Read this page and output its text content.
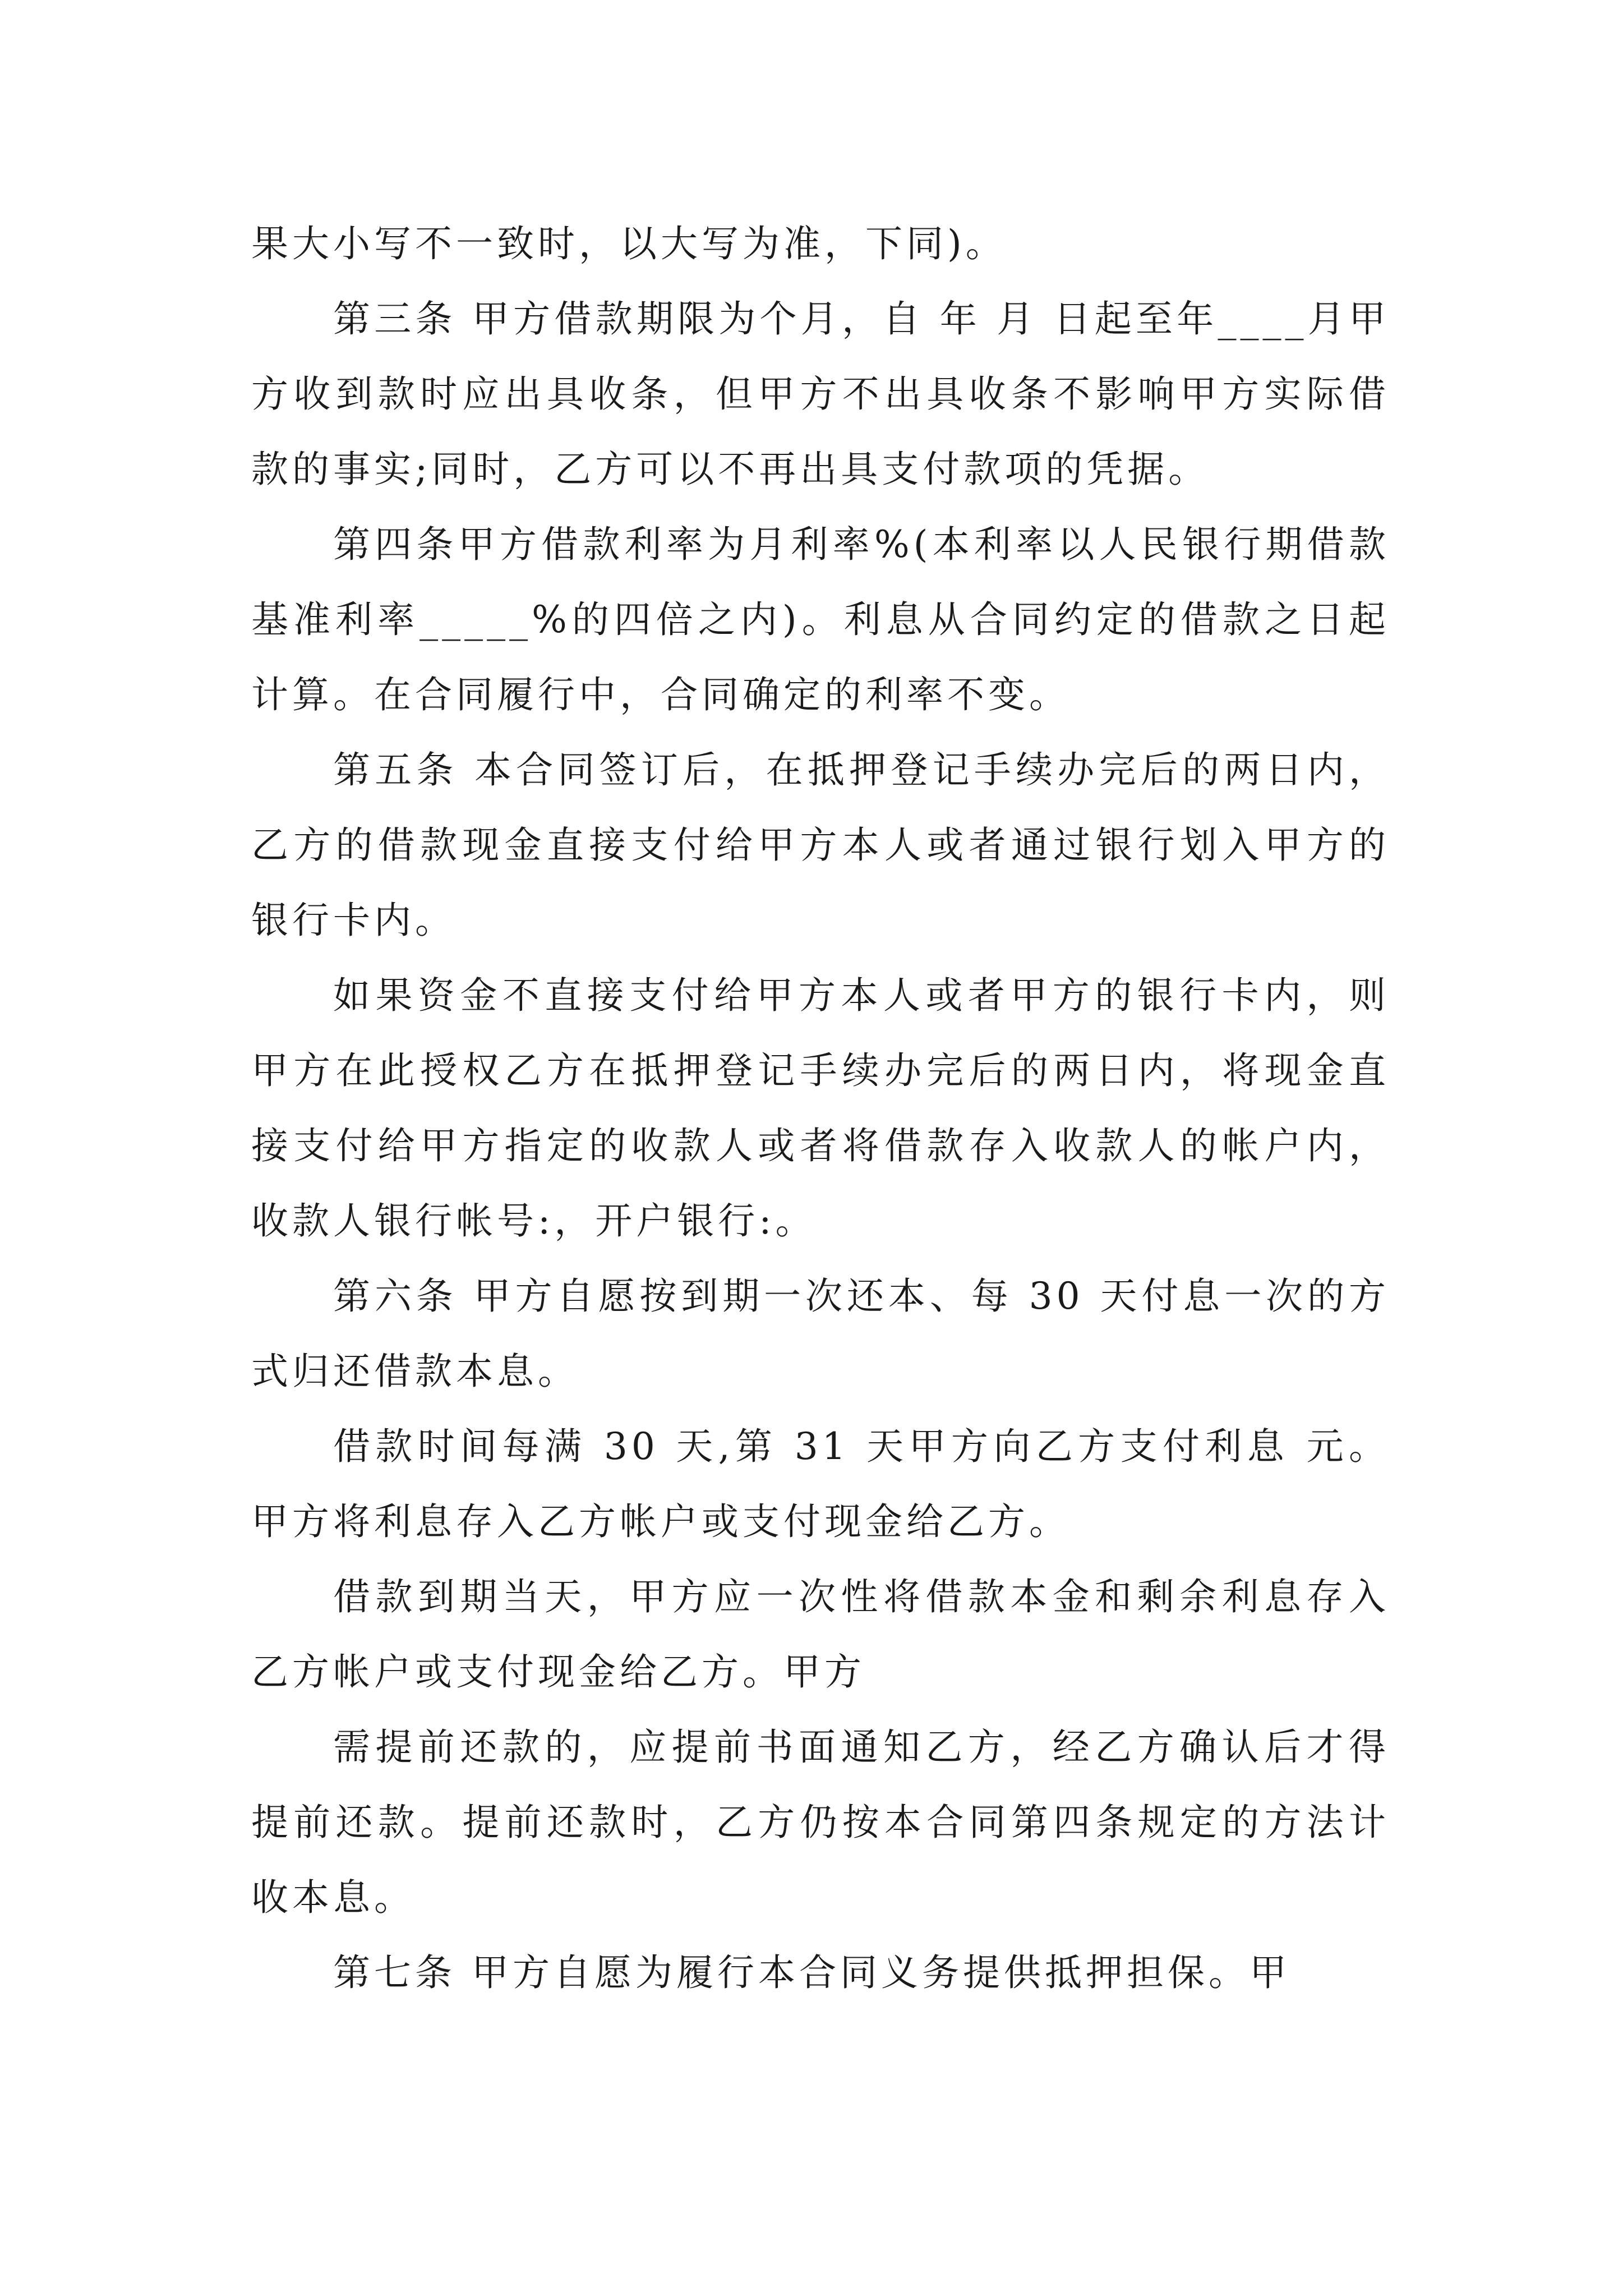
果大小写不一致时，以大写为准，下同)。

第三条 甲方借款期限为个月，自 年 月 日起至年____月甲方收到款时应出具收条，但甲方不出具收条不影响甲方实际借款的事实;同时，乙方可以不再出具支付款项的凭据。

第四条甲方借款利率为月利率%(本利率以人民银行期借款基准利率_____%的四倍之内)。利息从合同约定的借款之日起计算。在合同履行中，合同确定的利率不变。

第五条 本合同签订后，在抵押登记手续办完后的两日内，乙方的借款现金直接支付给甲方本人或者通过银行划入甲方的银行卡内。

如果资金不直接支付给甲方本人或者甲方的银行卡内，则甲方在此授权乙方在抵押登记手续办完后的两日内，将现金直接支付给甲方指定的收款人或者将借款存入收款人的帐户内，收款人银行帐号:，开户银行:。

第六条 甲方自愿按到期一次还本、每 30 天付息一次的方式归还借款本息。

借款时间每满 30 天,第 31 天甲方向乙方支付利息 元。甲方将利息存入乙方帐户或支付现金给乙方。

借款到期当天，甲方应一次性将借款本金和剩余利息存入乙方帐户或支付现金给乙方。甲方

需提前还款的，应提前书面通知乙方，经乙方确认后才得提前还款。提前还款时，乙方仍按本合同第四条规定的方法计收本息。

第七条 甲方自愿为履行本合同义务提供抵押担保。甲
